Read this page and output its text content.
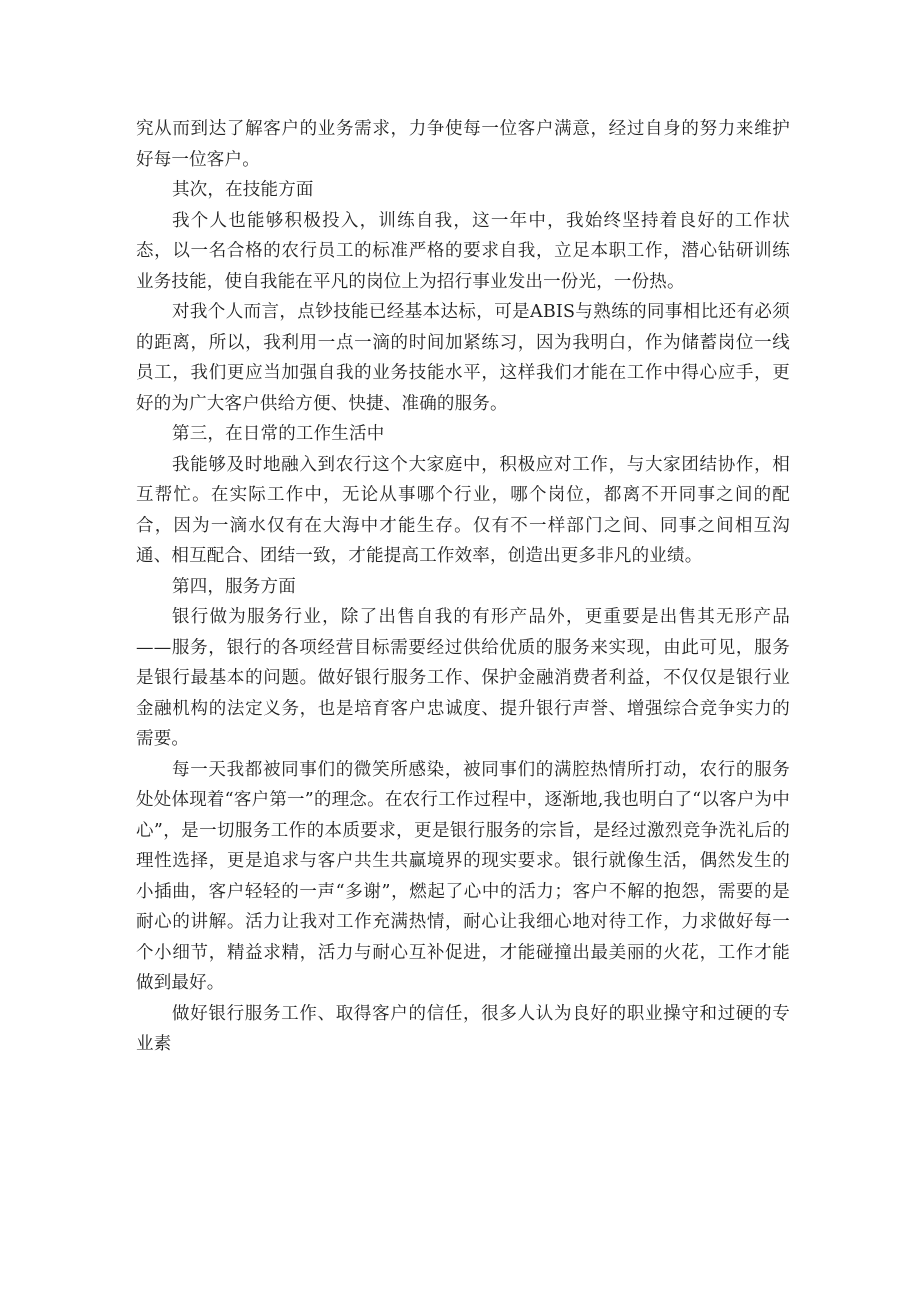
究从而到达了解客户的业务需求，力争使每一位客户满意，经过自身的努力来维护好每一位客户。

其次，在技能方面

我个人也能够积极投入，训练自我，这一年中，我始终坚持着良好的工作状态，以一名合格的农行员工的标准严格的要求自我，立足本职工作，潜心钻研训练业务技能，使自我能在平凡的岗位上为招行事业发出一份光，一份热。

对我个人而言，点钞技能已经基本达标，可是ABIS与熟练的同事相比还有必须的距离，所以，我利用一点一滴的时间加紧练习，因为我明白，作为储蓄岗位一线员工，我们更应当加强自我的业务技能水平，这样我们才能在工作中得心应手，更好的为广大客户供给方便、快捷、准确的服务。

第三，在日常的工作生活中

我能够及时地融入到农行这个大家庭中，积极应对工作，与大家团结协作，相互帮忙。在实际工作中，无论从事哪个行业，哪个岗位，都离不开同事之间的配合，因为一滴水仅有在大海中才能生存。仅有不一样部门之间、同事之间相互沟通、相互配合、团结一致，才能提高工作效率，创造出更多非凡的业绩。

第四，服务方面

银行做为服务行业，除了出售自我的有形产品外，更重要是出售其无形产品——服务，银行的各项经营目标需要经过供给优质的服务来实现，由此可见，服务是银行最基本的问题。做好银行服务工作、保护金融消费者利益，不仅仅是银行业金融机构的法定义务，也是培育客户忠诚度、提升银行声誉、增强综合竞争实力的需要。

每一天我都被同事们的微笑所感染，被同事们的满腔热情所打动，农行的服务处处体现着“客户第一”的理念。在农行工作过程中，逐渐地,我也明白了“以客户为中心”，是一切服务工作的本质要求，更是银行服务的宗旨，是经过激烈竞争洗礼后的理性选择，更是追求与客户共生共赢境界的现实要求。银行就像生活，偶然发生的小插曲，客户轻轻的一声“多谢”，燃起了心中的活力；客户不解的抱怨，需要的是耐心的讲解。活力让我对工作充满热情，耐心让我细心地对待工作，力求做好每一个小细节，精益求精，活力与耐心互补促进，才能碰撞出最美丽的火花，工作才能做到最好。

做好银行服务工作、取得客户的信任，很多人认为良好的职业操守和过硬的专业素
